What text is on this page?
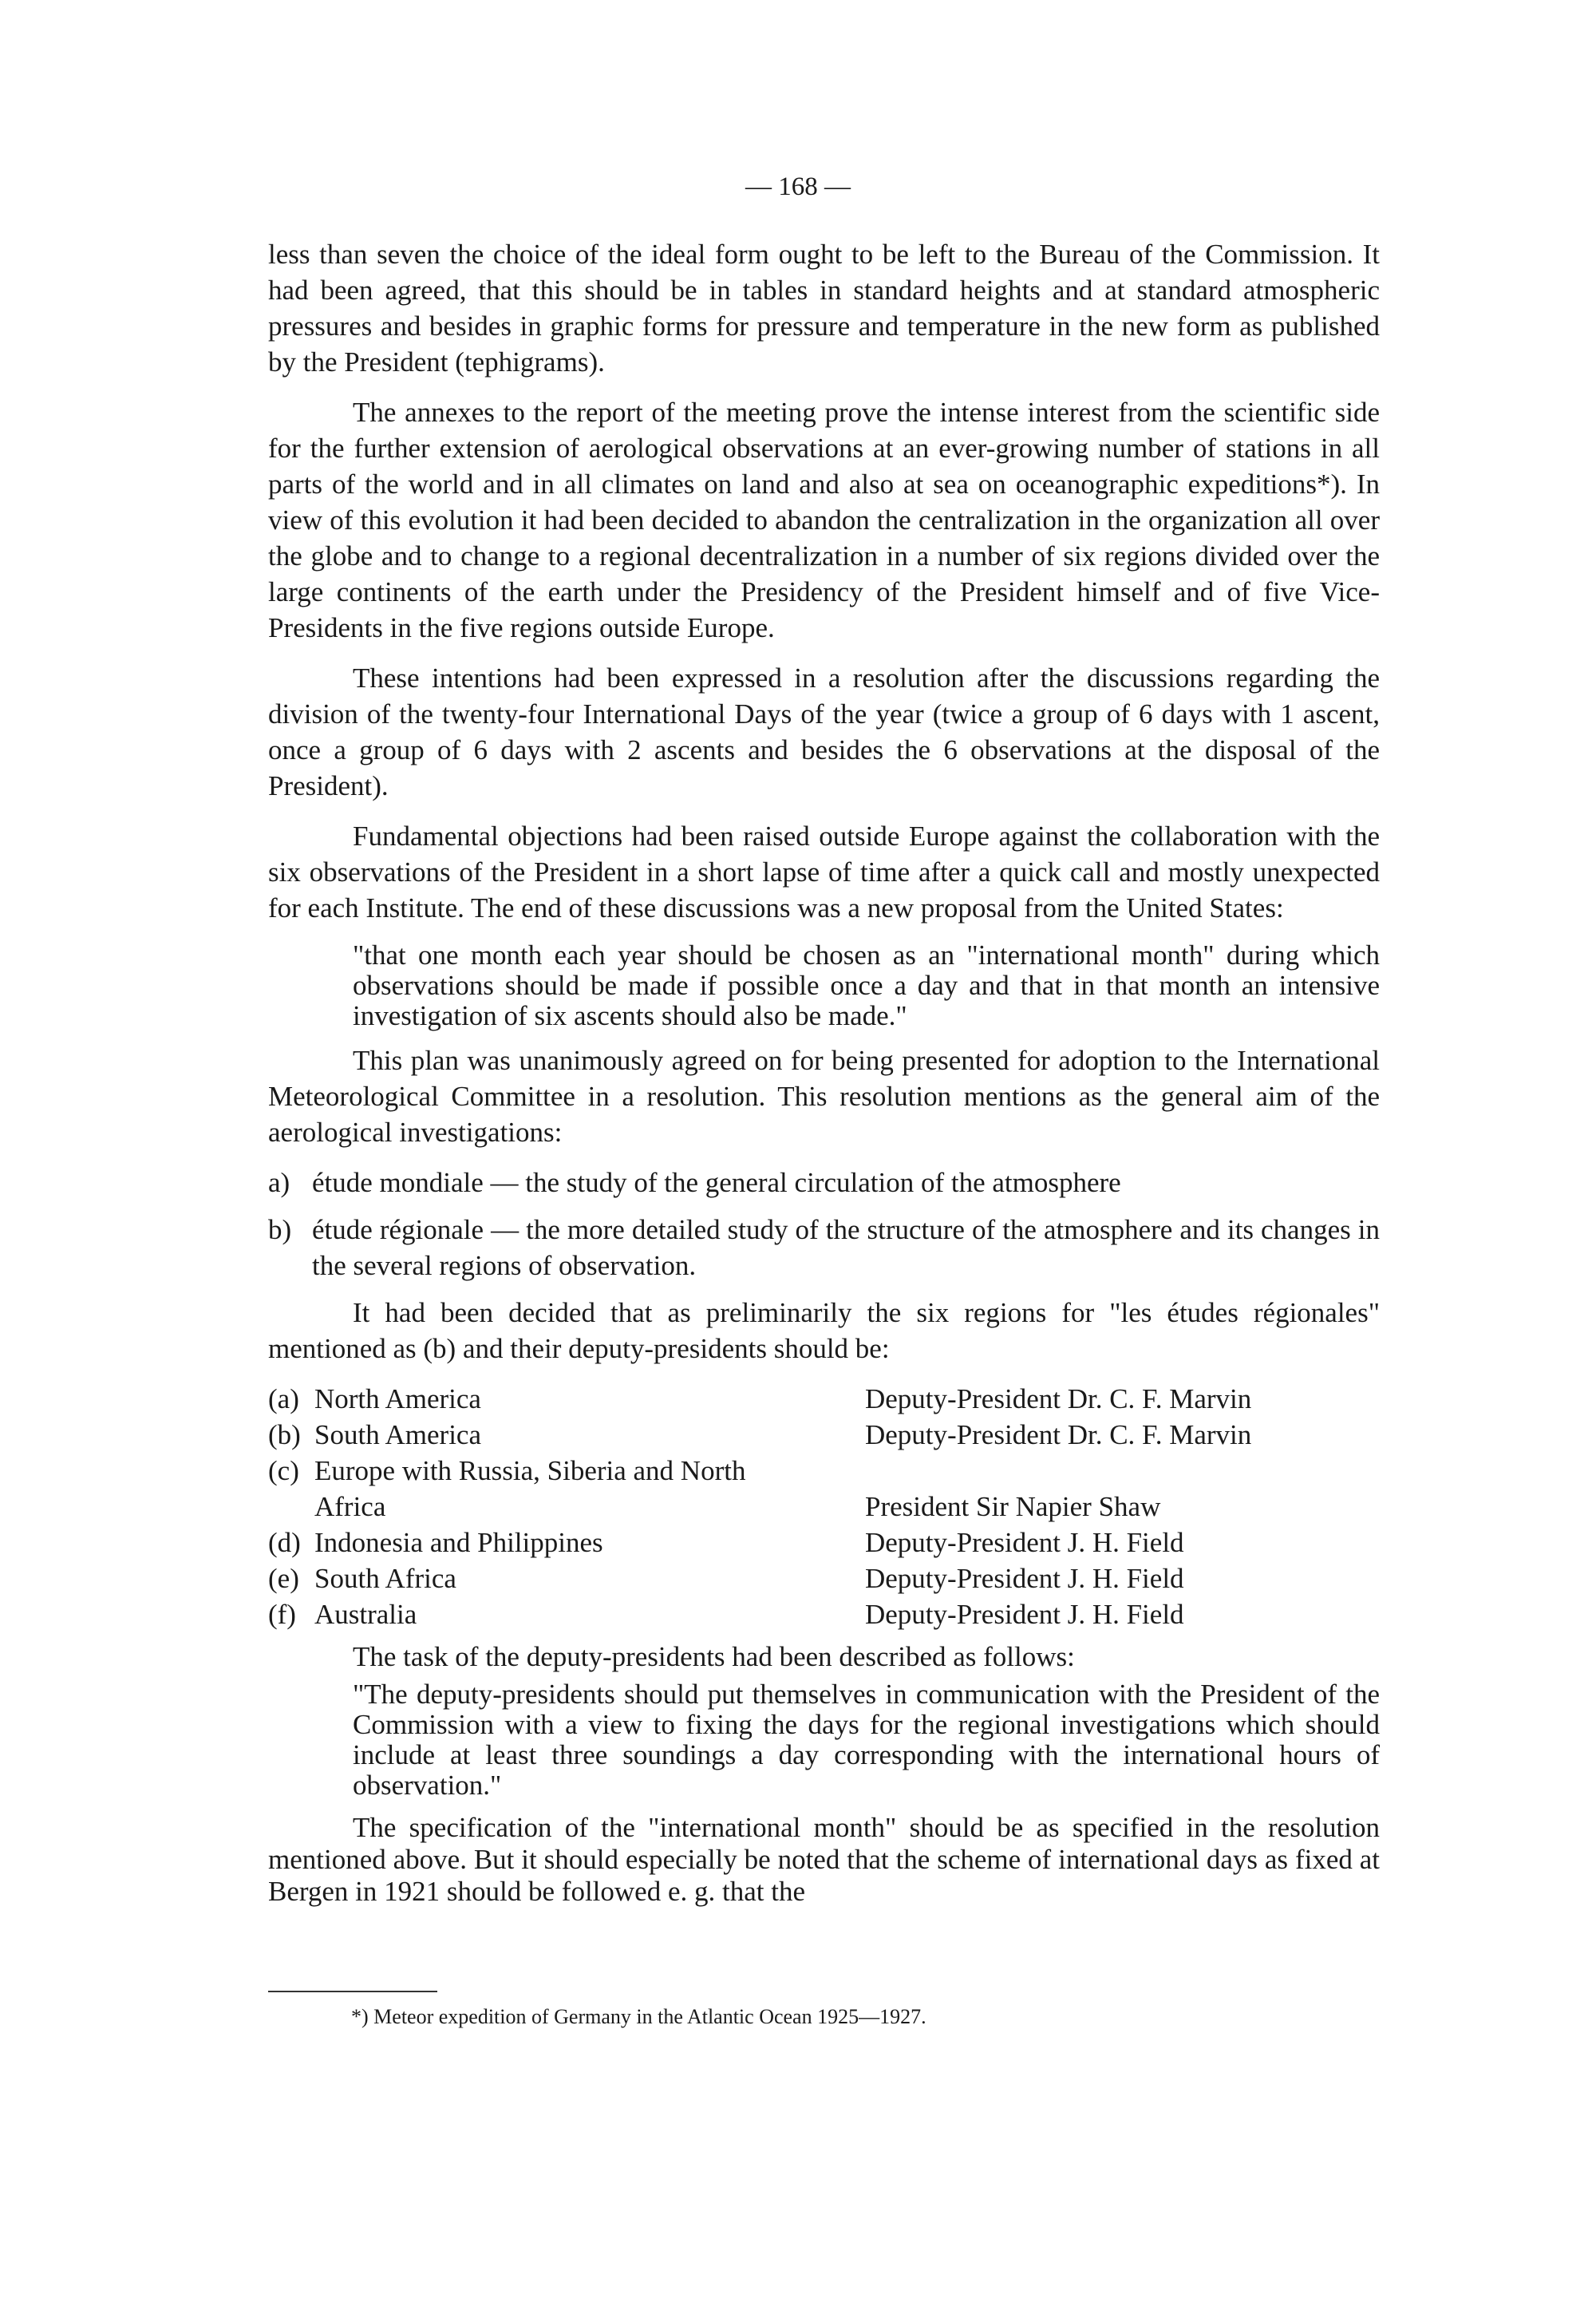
— 168 —

less than seven the choice of the ideal form ought to be left to the Bureau of the Commission. It had been agreed, that this should be in tables in standard heights and at standard atmospheric pressures and besides in graphic forms for pressure and temperature in the new form as published by the President (tephigrams).

The annexes to the report of the meeting prove the intense interest from the scientific side for the further extension of aerological observations at an ever-growing number of stations in all parts of the world and in all climates on land and also at sea on oceanographic expeditions*). In view of this evolution it had been decided to abandon the centralization in the organization all over the globe and to change to a regional decentralization in a number of six regions divided over the large continents of the earth under the Presidency of the President himself and of five Vice-Presidents in the five regions outside Europe.

These intentions had been expressed in a resolution after the discussions regarding the division of the twenty-four International Days of the year (twice a group of 6 days with 1 ascent, once a group of 6 days with 2 ascents and besides the 6 observations at the disposal of the President).

Fundamental objections had been raised outside Europe against the collaboration with the six observations of the President in a short lapse of time after a quick call and mostly unexpected for each Institute. The end of these discussions was a new proposal from the United States:

"that one month each year should be chosen as an "international month" during which observations should be made if possible once a day and that in that month an intensive investigation of six ascents should also be made."

This plan was unanimously agreed on for being presented for adoption to the International Meteorological Committee in a resolution. This resolution mentions as the general aim of the aerological investigations:

a) étude mondiale — the study of the general circulation of the atmosphere
b) étude régionale — the more detailed study of the structure of the atmosphere and its changes in the several regions of observation.

It had been decided that as preliminarily the six regions for "les études régionales" mentioned as (b) and their deputy-presidents should be:

(a) North America	Deputy-President Dr. C. F. Marvin
(b) South America	Deputy-President Dr. C. F. Marvin
(c) Europe with Russia, Siberia and North Africa	President Sir Napier Shaw
(d) Indonesia and Philippines	Deputy-President J. H. Field
(e) South Africa	Deputy-President J. H. Field
(f) Australia	Deputy-President J. H. Field

The task of the deputy-presidents had been described as follows:

"The deputy-presidents should put themselves in communication with the President of the Commission with a view to fixing the days for the regional investigations which should include at least three soundings a day corresponding with the international hours of observation."

The specification of the "international month" should be as specified in the resolution mentioned above. But it should especially be noted that the scheme of international days as fixed at Bergen in 1921 should be followed e. g. that the

*) Meteor expedition of Germany in the Atlantic Ocean 1925—1927.
